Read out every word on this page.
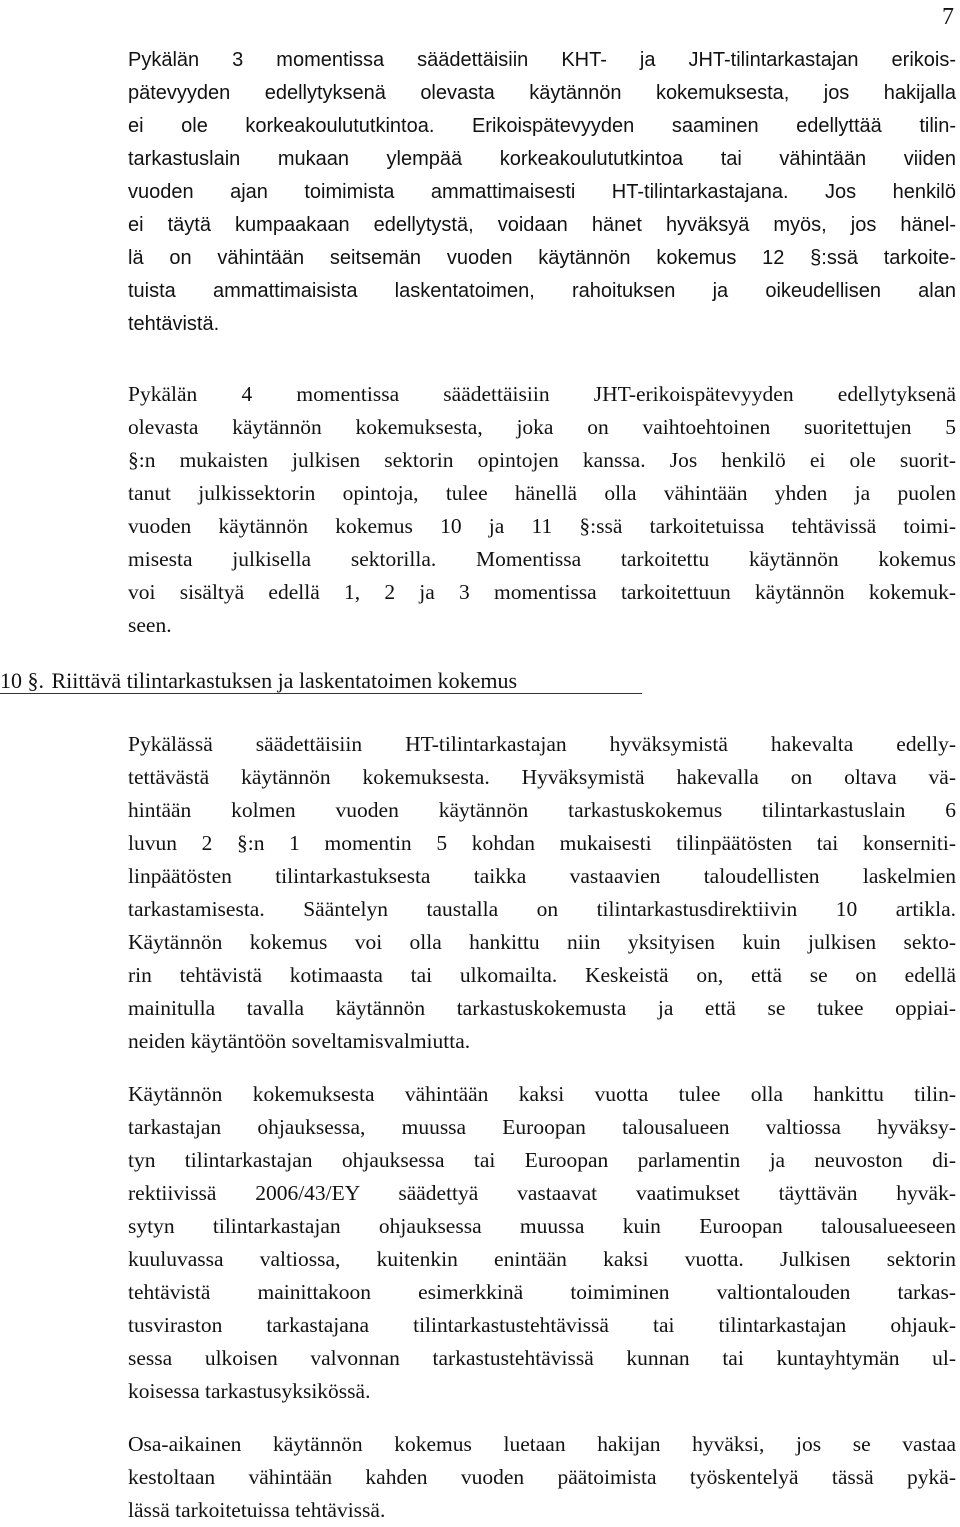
7
Pykälän 3 momentissa säädettäisiin KHT- ja JHT-tilintarkastajan erikois-
pätevyyden edellytyksenä olevasta käytännön kokemuksesta, jos hakijalla
ei ole korkeakoulututkintoa. Erikoispätevyyden saaminen edellyttää tilin-
tarkastuslain mukaan ylempää korkeakoulututkintoa tai vähintään viiden
vuoden ajan toimimista ammattimaisesti HT-tilintarkastajana. Jos henkilö
ei täytä kumpaakaan edellytystä, voidaan hänet hyväksyä myös, jos hänel-
lä on vähintään seitsemän vuoden käytännön kokemus 12 §:ssä tarkoite-
tuista ammattimaisista laskentatoimen, rahoituksen ja oikeudellisen alan
tehtävistä.
Pykälän 4 momentissa säädettäisiin JHT-erikoispätevyyden edellytyksenä
olevasta käytännön kokemuksesta, joka on vaihtoehtoinen suoritettujen 5
§:n mukaisten julkisen sektorin opintojen kanssa. Jos henkilö ei ole suorit-
tanut julkissektorin opintoja, tulee hänellä olla vähintään yhden ja puolen
vuoden käytännön kokemus 10 ja 11 §:ssä tarkoitetuissa tehtävissä toimi-
misesta julkisella sektorilla. Momentissa tarkoitettu käytännön kokemus
voi sisältyä edellä 1, 2 ja 3 momentissa tarkoitettuun käytännön kokemuk-
seen.
10 §. Riittävä tilintarkastuksen ja laskentatoimen kokemus
Pykälässä säädettäisiin HT-tilintarkastajan hyväksymistä hakevalta edelly-
tettävästä käytännön kokemuksesta. Hyväksymistä hakevalla on oltava vä-
hintään kolmen vuoden käytännön tarkastuskokemus tilintarkastuslain 6
luvun 2 §:n 1 momentin 5 kohdan mukaisesti tilinpäätösten tai konserniti-
linpäätösten tilintarkastuksesta taikka vastaavien taloudellisten laskelmien
tarkastamisesta. Sääntelyn taustalla on tilintarkastusdirektiivin 10 artikla.
Käytännön kokemus voi olla hankittu niin yksityisen kuin julkisen sekto-
rin tehtävistä kotimaasta tai ulkomailta. Keskeistä on, että se on edellä
mainitulla tavalla käytännön tarkastuskokemusta ja että se tukee oppiai-
neiden käytäntöön soveltamisvalmiutta.
Käytännön kokemuksesta vähintään kaksi vuotta tulee olla hankittu tilin-
tarkastajan ohjauksessa, muussa Euroopan talousalueen valtiossa hyväksy-
tyn tilintarkastajan ohjauksessa tai Euroopan parlamentin ja neuvoston di-
rektiivissä 2006/43/EY säädettyä vastaavat vaatimukset täyttävän hyväk-
sytyn tilintarkastajan ohjauksessa muussa kuin Euroopan talousalueeseen
kuuluvassa valtiossa, kuitenkin enintään kaksi vuotta. Julkisen sektorin
tehtävistä mainittakoon esimerkkinä toimiminen valtiontalouden tarkas-
tusviraston tarkastajana tilintarkastustehtävissä tai tilintarkastajan ohjauk-
sessa ulkoisen valvonnan tarkastustehtävissä kunnan tai kuntayhtymän ul-
koisessa tarkastusyksikössä.
Osa-aikainen käytännön kokemus luetaan hakijan hyväksi, jos se vastaa
kestoltaan vähintään kahden vuoden päätoimista työskentelyä tässä pykä-
lässä tarkoitetuissa tehtävissä.
